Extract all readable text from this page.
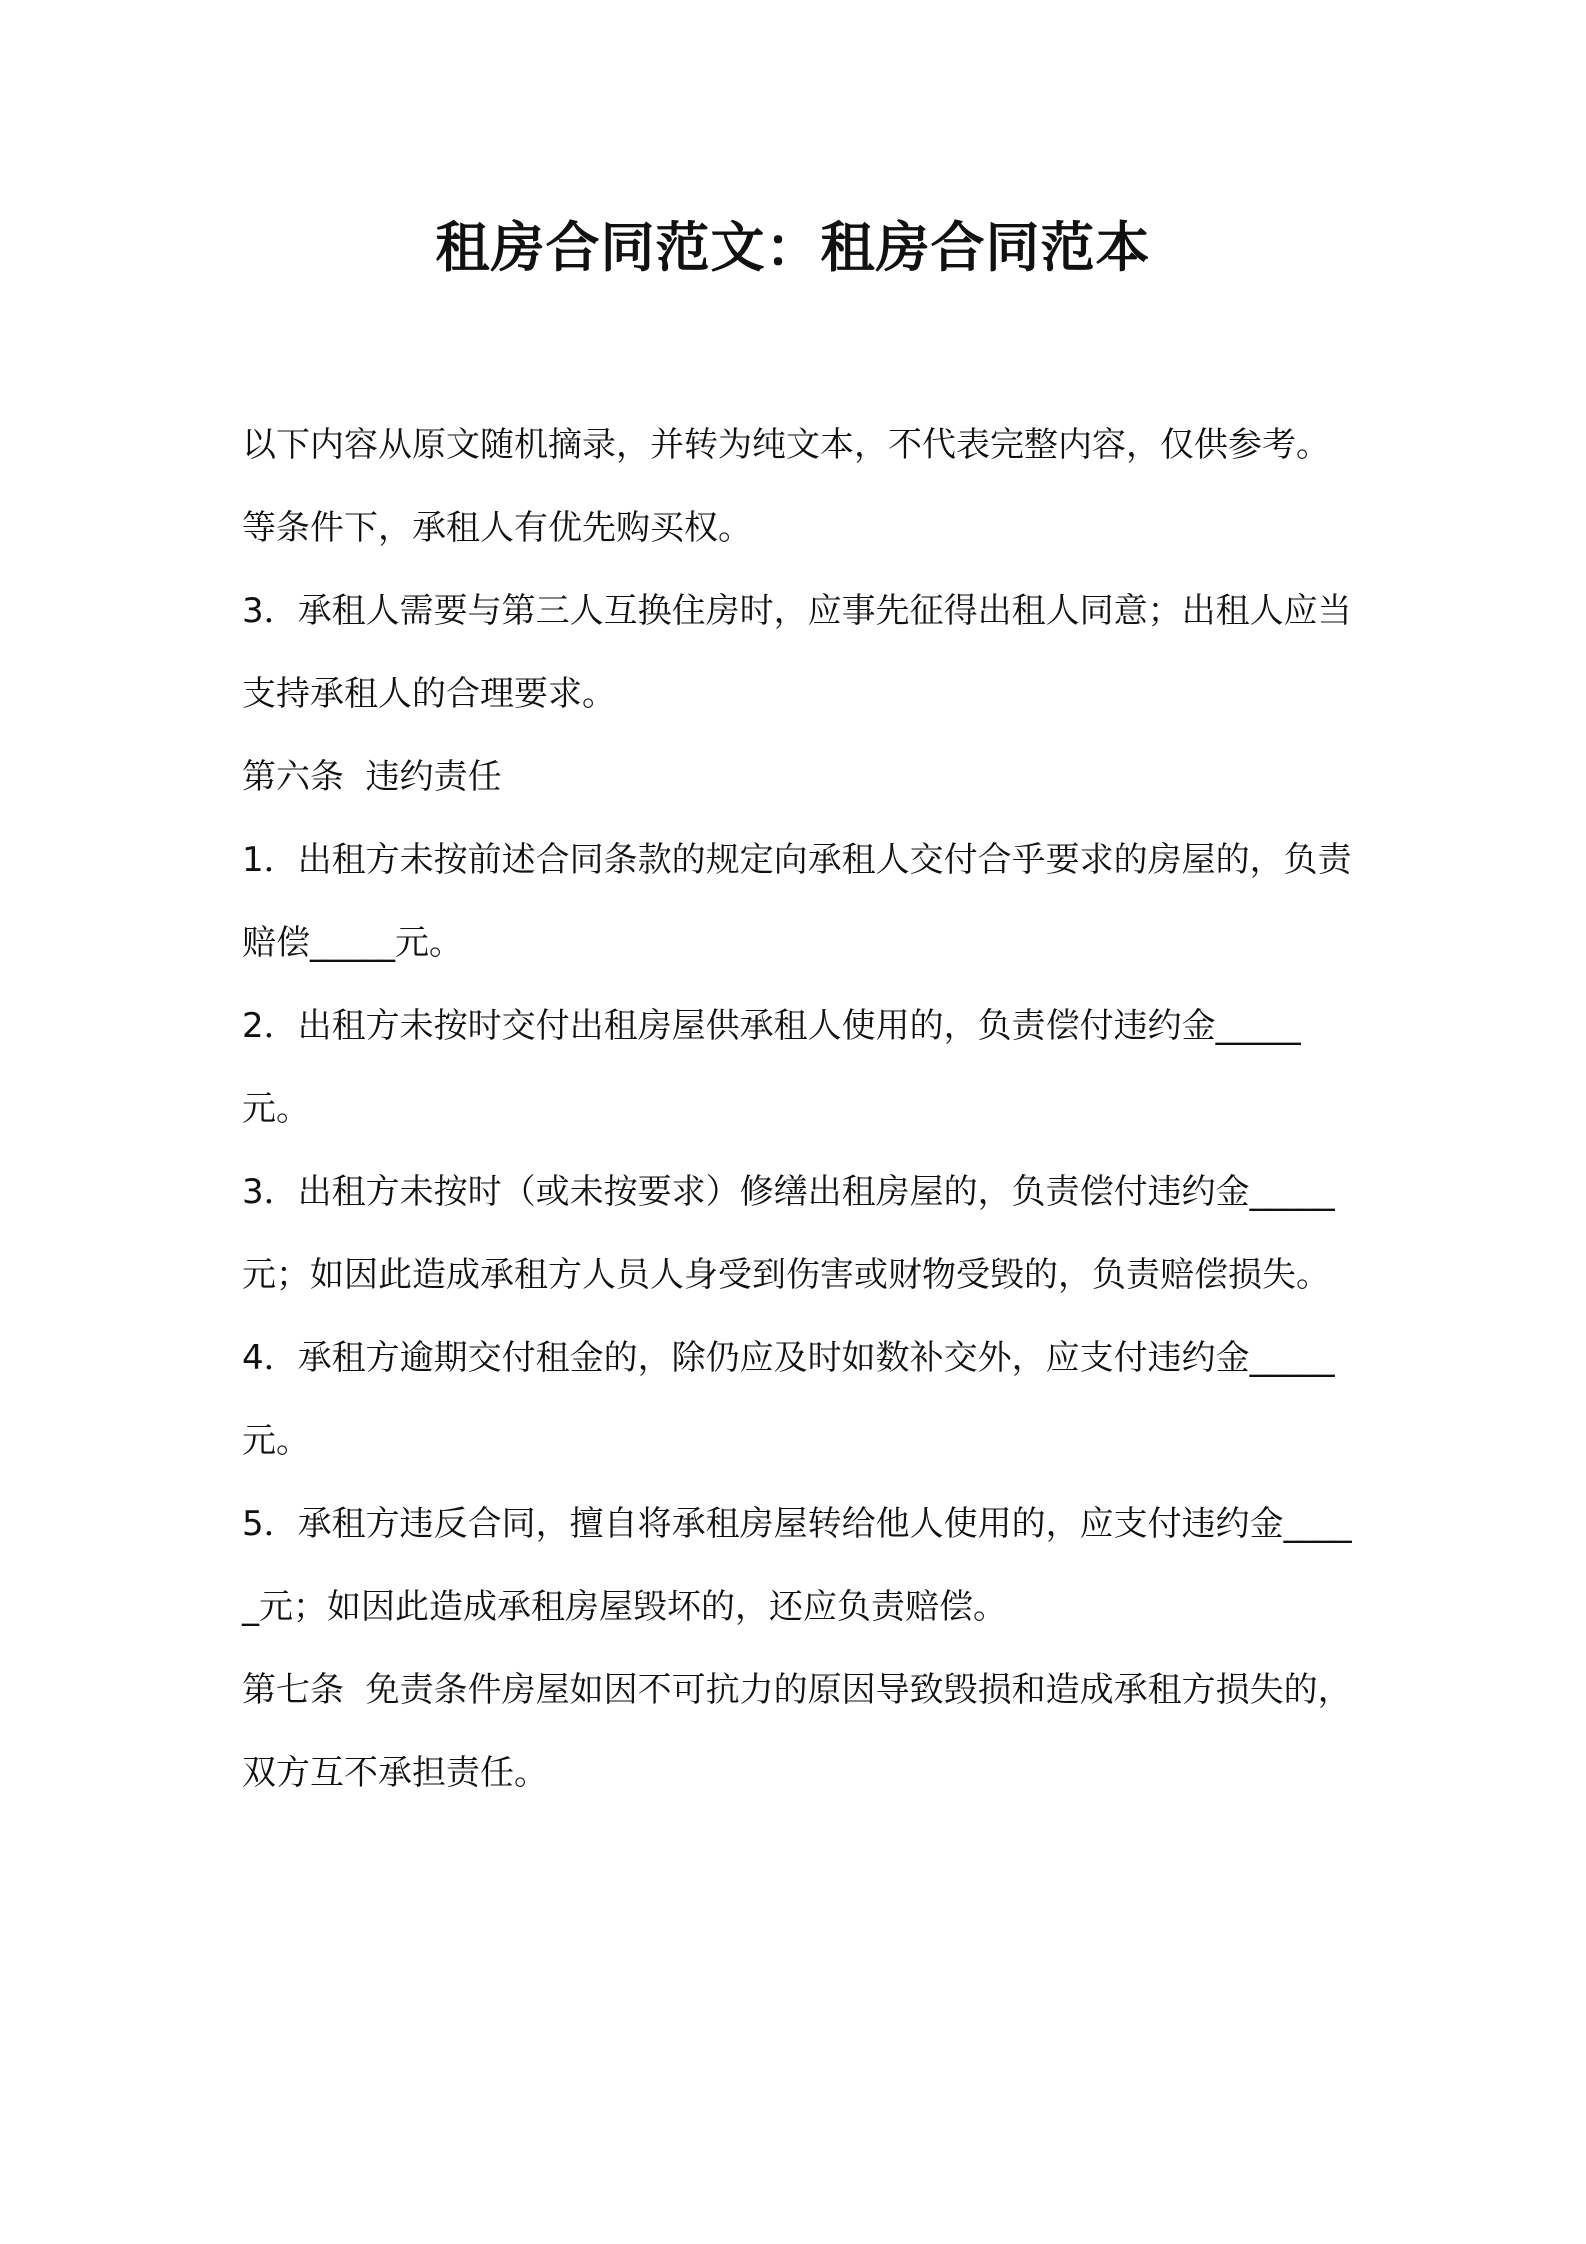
租房合同范文：租房合同范本

以下内容从原文随机摘录，并转为纯文本，不代表完整内容，仅供参考。

等条件下，承租人有优先购买权。

3．承租人需要与第三人互换住房时，应事先征得出租人同意；出租人应当支持承租人的合理要求。

第六条  违约责任

1．出租方未按前述合同条款的规定向承租人交付合乎要求的房屋的，负责赔偿_____元。

2．出租方未按时交付出租房屋供承租人使用的，负责偿付违约金_____元。

3．出租方未按时（或未按要求）修缮出租房屋的，负责偿付违约金_____元；如因此造成承租方人员人身受到伤害或财物受毁的，负责赔偿损失。

4．承租方逾期交付租金的，除仍应及时如数补交外，应支付违约金_____元。

5．承租方违反合同，擅自将承租房屋转给他人使用的，应支付违约金_____元；如因此造成承租房屋毁坏的，还应负责赔偿。

第七条  免责条件房屋如因不可抗力的原因导致毁损和造成承租方损失的，双方互不承担责任。
